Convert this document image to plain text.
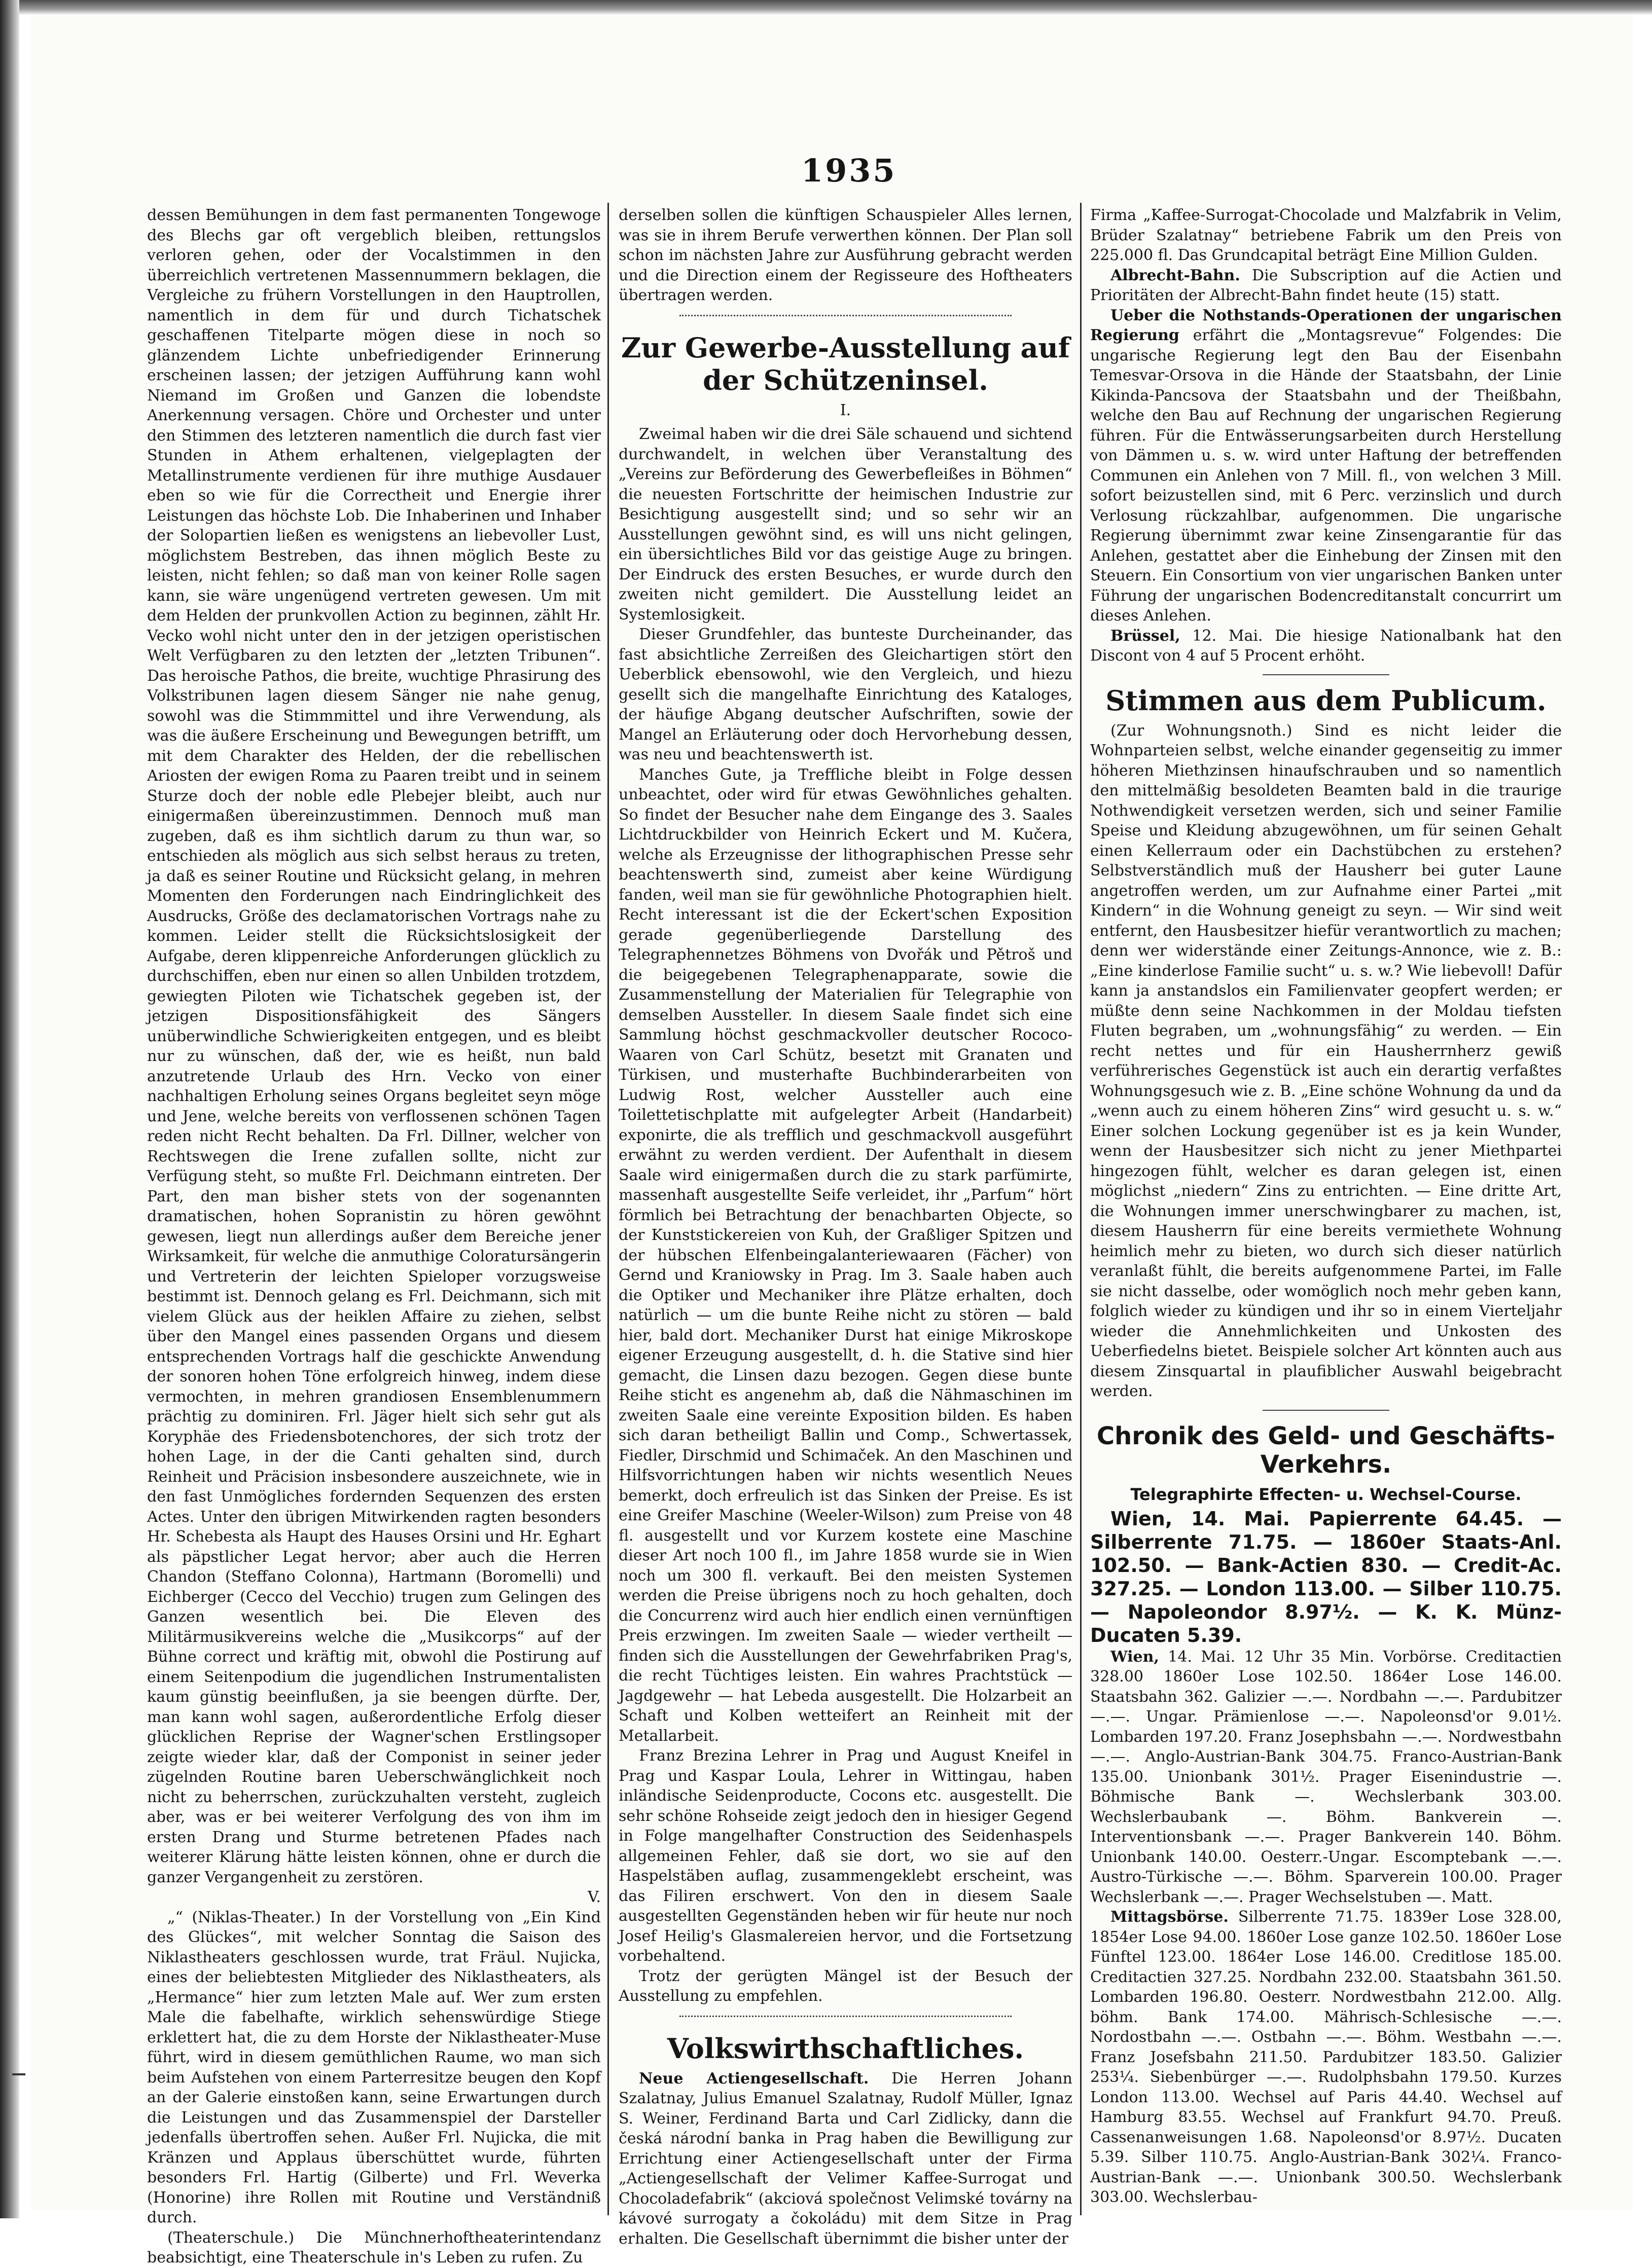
1935

dessen Bemühungen in dem fast permanenten Tongewoge des Blechs gar oft vergeblich bleiben, rettungslos verloren gehen, oder der Vocalstimmen in den überreichlich vertretenen Massennummern beklagen, die Vergleiche zu frühern Vorstellungen in den Hauptrollen, namentlich in dem für und durch Tichatschek geschaffenen Titelparte mögen diese in noch so glänzendem Lichte unbefriedigender Erinnerung erscheinen lassen; der jetzigen Aufführung kann wohl Niemand im Großen und Ganzen die lobendste Anerkennung versagen. Chöre und Orchester und unter den Stimmen des letzteren namentlich die durch fast vier Stunden in Athem erhaltenen, vielgeplagten der Metallinstrumente verdienen für ihre muthige Ausdauer eben so wie für die Correctheit und Energie ihrer Leistungen das höchste Lob. Die Inhaberinen und Inhaber der Solopartien ließen es wenigstens an liebevoller Lust, möglichstem Bestreben, das ihnen möglich Beste zu leisten, nicht fehlen; so daß man von keiner Rolle sagen kann, sie wäre ungenügend vertreten gewesen. Um mit dem Helden der prunkvollen Action zu beginnen, zählt Hr. Vecko wohl nicht unter den in der jetzigen operistischen Welt Verfügbaren zu den letzten der „letzten Tribunen“. Das heroische Pathos, die breite, wuchtige Phrasirung des Volkstribunen lagen diesem Sänger nie nahe genug, sowohl was die Stimmmittel und ihre Verwendung, als was die äußere Erscheinung und Bewegungen betrifft, um mit dem Charakter des Helden, der die rebellischen Ariosten der ewigen Roma zu Paaren treibt und in seinem Sturze doch der noble edle Plebejer bleibt, auch nur einigermaßen übereinzustimmen. Dennoch muß man zugeben, daß es ihm sichtlich darum zu thun war, so entschieden als möglich aus sich selbst heraus zu treten, ja daß es seiner Routine und Rücksicht gelang, in mehren Momenten den Forderungen nach Eindringlichkeit des Ausdrucks, Größe des declamatorischen Vortrags nahe zu kommen. Leider stellt die Rücksichtslosigkeit der Aufgabe, deren klippenreiche Anforderungen glücklich zu durchschiffen, eben nur einen so allen Unbilden trotzdem, gewiegten Piloten wie Tichatschek gegeben ist, der jetzigen Dispositionsfähigkeit des Sängers unüberwindliche Schwierigkeiten entgegen, und es bleibt nur zu wünschen, daß der, wie es heißt, nun bald anzutretende Urlaub des Hrn. Vecko von einer nachhaltigen Erholung seines Organs begleitet seyn möge und Jene, welche bereits von verflossenen schönen Tagen reden nicht Recht behalten. Da Frl. Dillner, welcher von Rechtswegen die Irene zufallen sollte, nicht zur Verfügung steht, so mußte Frl. Deichmann eintreten. Der Part, den man bisher stets von der sogenannten dramatischen, hohen Sopranistin zu hören gewöhnt gewesen, liegt nun allerdings außer dem Bereiche jener Wirksamkeit, für welche die anmuthige Coloratursängerin und Vertreterin der leichten Spieloper vorzugsweise bestimmt ist. Dennoch gelang es Frl. Deichmann, sich mit vielem Glück aus der heiklen Affaire zu ziehen, selbst über den Mangel eines passenden Organs und diesem entsprechenden Vortrags half die geschickte Anwendung der sonoren hohen Töne erfolgreich hinweg, indem diese vermochten, in mehren grandiosen Ensemblenummern prächtig zu dominiren. Frl. Jäger hielt sich sehr gut als Koryphäe des Friedensbotenchores, der sich trotz der hohen Lage, in der die Canti gehalten sind, durch Reinheit und Präcision insbesondere auszeichnete, wie in den fast Unmögliches fordernden Sequenzen des ersten Actes. Unter den übrigen Mitwirkenden ragten besonders Hr. Schebesta als Haupt des Hauses Orsini und Hr. Eghart als päpstlicher Legat hervor; aber auch die Herren Chandon (Steffano Colonna), Hartmann (Boromelli) und Eichberger (Cecco del Vecchio) trugen zum Gelingen des Ganzen wesentlich bei. Die Eleven des Militärmusikvereins welche die „Musikcorps“ auf der Bühne correct und kräftig mit, obwohl die Postirung auf einem Seitenpodium die jugendlichen Instrumentalisten kaum günstig beeinflußen, ja sie beengen dürfte. Der, man kann wohl sagen, außerordentliche Erfolg dieser glücklichen Reprise der Wagner'schen Erstlingsoper zeigte wieder klar, daß der Componist in seiner jeder zügelnden Routine baren Ueberschwänglichkeit noch nicht zu beherrschen, zurückzuhalten versteht, zugleich aber, was er bei weiterer Verfolgung des von ihm im ersten Drang und Sturme betretenen Pfades nach weiterer Klärung hätte leisten können, ohne er durch die ganzer Vergangenheit zu zerstören.

V.

„“ (Niklas-Theater.) In der Vorstellung von „Ein Kind des Glückes“, mit welcher Sonntag die Saison des Niklastheaters geschlossen wurde, trat Fräul. Nujicka, eines der beliebtesten Mitglieder des Niklastheaters, als „Hermance“ hier zum letzten Male auf. Wer zum ersten Male die fabelhafte, wirklich sehenswürdige Stiege erklettert hat, die zu dem Horste der Niklastheater-Muse führt, wird in diesem gemüthlichen Raume, wo man sich beim Aufstehen von einem Parterresitze beugen den Kopf an der Galerie einstoßen kann, seine Erwartungen durch die Leistungen und das Zusammenspiel der Darsteller jedenfalls übertroffen sehen. Außer Frl. Nujicka, die mit Kränzen und Applaus überschüttet wurde, führten besonders Frl. Hartig (Gilberte) und Frl. Weverka (Honorine) ihre Rollen mit Routine und Verständniß durch.

(Theaterschule.) Die Münchnerhoftheaterintendanz beabsichtigt, eine Theaterschule in's Leben zu rufen. Zu

derselben sollen die künftigen Schauspieler Alles lernen, was sie in ihrem Berufe verwerthen können. Der Plan soll schon im nächsten Jahre zur Ausführung gebracht werden und die Direction einem der Regisseure des Hoftheaters übertragen werden.

Zur Gewerbe-Ausstellung auf der Schützeninsel.
I.

Zweimal haben wir die drei Säle schauend und sichtend durchwandelt, in welchen über Veranstaltung des „Vereins zur Beförderung des Gewerbefleißes in Böhmen“ die neuesten Fortschritte der heimischen Industrie zur Besichtigung ausgestellt sind; und so sehr wir an Ausstellungen gewöhnt sind, es will uns nicht gelingen, ein übersichtliches Bild vor das geistige Auge zu bringen. Der Eindruck des ersten Besuches, er wurde durch den zweiten nicht gemildert. Die Ausstellung leidet an Systemlosigkeit.

Dieser Grundfehler, das bunteste Durcheinander, das fast absichtliche Zerreißen des Gleichartigen stört den Ueberblick ebensowohl, wie den Vergleich, und hiezu gesellt sich die mangelhafte Einrichtung des Kataloges, der häufige Abgang deutscher Aufschriften, sowie der Mangel an Erläuterung oder doch Hervorhebung dessen, was neu und beachtenswerth ist.

Manches Gute, ja Treffliche bleibt in Folge dessen unbeachtet, oder wird für etwas Gewöhnliches gehalten. So findet der Besucher nahe dem Eingange des 3. Saales Lichtdruckbilder von Heinrich Eckert und M. Kučera, welche als Erzeugnisse der lithographischen Presse sehr beachtenswerth sind, zumeist aber keine Würdigung fanden, weil man sie für gewöhnliche Photographien hielt. Recht interessant ist die der Eckert'schen Exposition gerade gegenüberliegende Darstellung des Telegraphennetzes Böhmens von Dvořák und Pětroš und die beigegebenen Telegraphenapparate, sowie die Zusammenstellung der Materialien für Telegraphie von demselben Aussteller. In diesem Saale findet sich eine Sammlung höchst geschmackvoller deutscher Rococo-Waaren von Carl Schütz, besetzt mit Granaten und Türkisen, und musterhafte Buchbinderarbeiten von Ludwig Rost, welcher Aussteller auch eine Toilettetischplatte mit aufgelegter Arbeit (Handarbeit) exponirte, die als trefflich und geschmackvoll ausgeführt erwähnt zu werden verdient. Der Aufenthalt in diesem Saale wird einigermaßen durch die zu stark parfümirte, massenhaft ausgestellte Seife verleidet, ihr „Parfum“ hört förmlich bei Betrachtung der benachbarten Objecte, so der Kunststickereien von Kuh, der Graßliger Spitzen und der hübschen Elfenbeingalanteriewaaren (Fächer) von Gernd und Kraniowsky in Prag. Im 3. Saale haben auch die Optiker und Mechaniker ihre Plätze erhalten, doch natürlich — um die bunte Reihe nicht zu stören — bald hier, bald dort. Mechaniker Durst hat einige Mikroskope eigener Erzeugung ausgestellt, d. h. die Stative sind hier gemacht, die Linsen dazu bezogen. Gegen diese bunte Reihe sticht es angenehm ab, daß die Nähmaschinen im zweiten Saale eine vereinte Exposition bilden. Es haben sich daran betheiligt Ballin und Comp., Schwertassek, Fiedler, Dirschmid und Schimaček. An den Maschinen und Hilfsvorrichtungen haben wir nichts wesentlich Neues bemerkt, doch erfreulich ist das Sinken der Preise. Es ist eine Greifer Maschine (Weeler-Wilson) zum Preise von 48 fl. ausgestellt und vor Kurzem kostete eine Maschine dieser Art noch 100 fl., im Jahre 1858 wurde sie in Wien noch um 300 fl. verkauft. Bei den meisten Systemen werden die Preise übrigens noch zu hoch gehalten, doch die Concurrenz wird auch hier endlich einen vernünftigen Preis erzwingen. Im zweiten Saale — wieder vertheilt — finden sich die Ausstellungen der Gewehrfabriken Prag's, die recht Tüchtiges leisten. Ein wahres Prachtstück — Jagdgewehr — hat Lebeda ausgestellt. Die Holzarbeit an Schaft und Kolben wetteifert an Reinheit mit der Metallarbeit.

Franz Brezina Lehrer in Prag und August Kneifel in Prag und Kaspar Loula, Lehrer in Wittingau, haben inländische Seidenproducte, Cocons etc. ausgestellt. Die sehr schöne Rohseide zeigt jedoch den in hiesiger Gegend in Folge mangelhafter Construction des Seidenhaspels allgemeinen Fehler, daß sie dort, wo sie auf den Haspelstäben auflag, zusammengeklebt erscheint, was das Filiren erschwert. Von den in diesem Saale ausgestellten Gegenständen heben wir für heute nur noch Josef Heilig's Glasmalereien hervor, und die Fortsetzung vorbehaltend.

Trotz der gerügten Mängel ist der Besuch der Ausstellung zu empfehlen.

Volkswirthschaftliches.

Neue Actiengesellschaft. Die Herren Johann Szalatnay, Julius Emanuel Szalatnay, Rudolf Müller, Ignaz S. Weiner, Ferdinand Barta und Carl Zidlicky, dann die česká národní banka in Prag haben die Bewilligung zur Errichtung einer Actiengesellschaft unter der Firma „Actiengesellschaft der Velimer Kaffee-Surrogat und Chocoladefabrik“ (akciová společnost Velimské továrny na kávové surrogaty a čokoládu) mit dem Sitze in Prag erhalten. Die Gesellschaft übernimmt die bisher unter der

Firma „Kaffee-Surrogat-Chocolade und Malzfabrik in Velim, Brüder Szalatnay“ betriebene Fabrik um den Preis von 225.000 fl. Das Grundcapital beträgt Eine Million Gulden.

Albrecht-Bahn. Die Subscription auf die Actien und Prioritäten der Albrecht-Bahn findet heute (15) statt.

Ueber die Nothstands-Operationen der ungarischen Regierung erfährt die „Montagsrevue“ Folgendes: Die ungarische Regierung legt den Bau der Eisenbahn Temesvar-Orsova in die Hände der Staatsbahn, der Linie Kikinda-Pancsova der Staatsbahn und der Theißbahn, welche den Bau auf Rechnung der ungarischen Regierung führen. Für die Entwässerungsarbeiten durch Herstellung von Dämmen u. s. w. wird unter Haftung der betreffenden Communen ein Anlehen von 7 Mill. fl., von welchen 3 Mill. sofort beizustellen sind, mit 6 Perc. verzinslich und durch Verlosung rückzahlbar, aufgenommen. Die ungarische Regierung übernimmt zwar keine Zinsengarantie für das Anlehen, gestattet aber die Einhebung der Zinsen mit den Steuern. Ein Consortium von vier ungarischen Banken unter Führung der ungarischen Bodencreditanstalt concurrirt um dieses Anlehen.

Brüssel, 12. Mai. Die hiesige Nationalbank hat den Discont von 4 auf 5 Procent erhöht.

Stimmen aus dem Publicum.

(Zur Wohnungsnoth.) Sind es nicht leider die Wohnparteien selbst, welche einander gegenseitig zu immer höheren Miethzinsen hinaufschrauben und so namentlich den mittelmäßig besoldeten Beamten bald in die traurige Nothwendigkeit versetzen werden, sich und seiner Familie Speise und Kleidung abzugewöhnen, um für seinen Gehalt einen Kellerraum oder ein Dachstübchen zu erstehen? Selbstverständlich muß der Hausherr bei guter Laune angetroffen werden, um zur Aufnahme einer Partei „mit Kindern“ in die Wohnung geneigt zu seyn. — Wir sind weit entfernt, den Hausbesitzer hiefür verantwortlich zu machen; denn wer widerstände einer Zeitungs-Annonce, wie z. B.: „Eine kinderlose Familie sucht“ u. s. w.? Wie liebevoll! Dafür kann ja anstandslos ein Familienvater geopfert werden; er müßte denn seine Nachkommen in der Moldau tiefsten Fluten begraben, um „wohnungsfähig“ zu werden. — Ein recht nettes und für ein Hausherrnherz gewiß verführerisches Gegenstück ist auch ein derartig verfaßtes Wohnungsgesuch wie z. B. „Eine schöne Wohnung da und da „wenn auch zu einem höheren Zins“ wird gesucht u. s. w.“ Einer solchen Lockung gegenüber ist es ja kein Wunder, wenn der Hausbesitzer sich nicht zu jener Miethpartei hingezogen fühlt, welcher es daran gelegen ist, einen möglichst „niedern“ Zins zu entrichten. — Eine dritte Art, die Wohnungen immer unerschwingbarer zu machen, ist, diesem Hausherrn für eine bereits vermiethete Wohnung heimlich mehr zu bieten, wo durch sich dieser natürlich veranlaßt fühlt, die bereits aufgenommene Partei, im Falle sie nicht dasselbe, oder womöglich noch mehr geben kann, folglich wieder zu kündigen und ihr so in einem Vierteljahr wieder die Annehmlichkeiten und Unkosten des Ueberfiedelns bietet. Beispiele solcher Art könnten auch aus diesem Zinsquartal in plaufiblicher Auswahl beigebracht werden.

Chronik des Geld- und Geschäfts-Verkehrs.
Telegraphirte Effecten- u. Wechsel-Course.

Wien, 14. Mai. Papierrente 64.45. — Silberrente 71.75. — 1860er Staats-Anl. 102.50. — Bank-Actien 830. — Credit-Ac. 327.25. — London 113.00. — Silber 110.75. — Napoleondor 8.97½. — K. K. Münz-Ducaten 5.39.

Wien, 14. Mai. 12 Uhr 35 Min. Vorbörse. Creditactien 328.00 1860er Lose 102.50. 1864er Lose 146.00. Staatsbahn 362. Galizier —.—. Nordbahn —.—. Pardubitzer —.—. Ungar. Prämienlose —.—. Napoleonsd'or 9.01½. Lombarden 197.20. Franz Josephsbahn —.—. Nordwestbahn —.—. Anglo-Austrian-Bank 304.75. Franco-Austrian-Bank 135.00. Unionbank 301½. Prager Eisenindustrie —. Böhmische Bank —. Wechslerbank 303.00. Wechslerbaubank —. Böhm. Bankverein —. Interventionsbank —.—. Prager Bankverein 140. Böhm. Unionbank 140.00. Oesterr.-Ungar. Escomptebank —.—. Austro-Türkische —.—. Böhm. Sparverein 100.00. Prager Wechslerbank —.—. Prager Wechselstuben —. Matt.

Mittagsbörse. Silberrente 71.75. 1839er Lose 328.00, 1854er Lose 94.00. 1860er Lose ganze 102.50. 1860er Lose Fünftel 123.00. 1864er Lose 146.00. Creditlose 185.00. Creditactien 327.25. Nordbahn 232.00. Staatsbahn 361.50. Lombarden 196.80. Oesterr. Nordwestbahn 212.00. Allg. böhm. Bank 174.00. Mährisch-Schlesische —.—. Nordostbahn —.—. Ostbahn —.—. Böhm. Westbahn —.—. Franz Josefsbahn 211.50. Pardubitzer 183.50. Galizier 253¼. Siebenbürger —.—. Rudolphsbahn 179.50. Kurzes London 113.00. Wechsel auf Paris 44.40. Wechsel auf Hamburg 83.55. Wechsel auf Frankfurt 94.70. Preuß. Cassenanweisungen 1.68. Napoleonsd'or 8.97½. Ducaten 5.39. Silber 110.75. Anglo-Austrian-Bank 302¼. Franco-Austrian-Bank —.—. Unionbank 300.50. Wechslerbank 303.00. Wechslerbau-
